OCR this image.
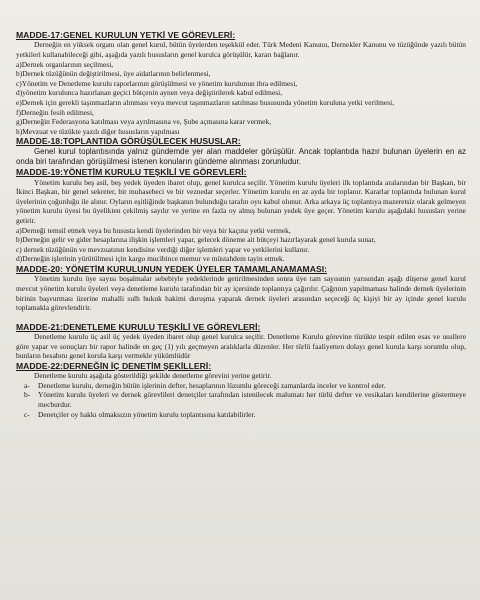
MADDE-17:GENEL KURULUN YETKİ VE GÖREVLERİ:

Derneğin en yüksek organı olan genel kurul, bütün üyelerden teşekkül eder. Türk Medeni Kanunu, Dernekler Kanunu ve tüzüğünde yazılı bütün yetkileri kullanabileceği gibi, aşağıda yazılı hususların genel kurulca görüşülür, kararı bağlanır.

a)Dernek organlarının seçilmesi,

b)Dernek tüzüğünün değiştirilmesi, üye aidatlarının belirlenmesi,

c)Yönetim ve Denetleme kurulu raporlarının görüşülmesi ve yönetim kurulunun ibra edilmesi,

d)yönetim kurulunca hazırlanan geçici bütçenin aynen veya değiştirilerek kabul edilmesi,

e)Dernek için gerekli taşınmazların alınması veya mevcut taşınmazların satılması hususunda yönetim kuruluna yetki verilmesi,

f)Derneğin fesih edilmesi,

g)Derneğin Federasyona katılması veya ayrılmasına ve, Şube açmasına karar vermek,

h)Mevzuat ve tüzükte yazılı diğer hususların yapılması

MADDE-18:TOPLANTIDA GÖRÜŞÜLECEK HUSUSLAR:

Genel kurul toplantısında yalnız gündemde yer alan maddeler görüşülür. Ancak toplantıda hazır bulunan üyelerin en az onda biri tarafından görüşülmesi istenen konuların gündeme alınması zorunludur.

MADDE-19:YÖNETİM KURULU TEŞKİLİ VE GÖREVLERİ:

Yönetim kurulu beş asil, beş yedek üyeden ibaret olup, genel kurulca seçilir. Yönetim kurulu üyeleri ilk toplantıda aralarından bir Başkan, bir İkinci Başkan, bir genel sekreter, bir muhasebeci ve bir veznedar seçerler. Yönetim kurulu en az ayda bir toplanır. Kararlar toplantıda bulunan kurul üyelerinin çoğunluğu ile alınır. Oyların eşitliğinde başkanın bulunduğu tarafın oyu kabul olunur. Arka arkaya üç toplantıya mazeretsiz olarak gelmeyen yönetim kurulu üyesi bu üyelikten çekilmiş sayılır ve yerine en fazla oy almış bulunan yedek üye geçer. Yönetim kurulu aşağıdaki hususları yerine getirir.

a)Derneği temsil etmek veya bu hususta kendi üyelerinden bir veya bir kaçına yetki vermek,

b)Derneğin gelir ve gider hesaplarına ilişkin işlemleri yapar, gelecek döneme ait bütçeyi hazırlayarak genel kurula sunar,

c) dernek tüzüğünün ve mevzuatının kendisine verdiği diğer işlemleri yapar ve yetkilerini kullanır.

d)Derneğin işlerinin yürütülmesi için kargo mucibince memur ve müstahdem tayin etmek.

MADDE-20: YÖNETİM KURULUNUN YEDEK ÜYELER TAMAMLANAMAMASI:

Yönetim kurulu üye sayısı boşalmalar sebebiyle yedeklerinde getirilmesinden sonra üye tam sayısının yarısından aşağı düşerse genel kurul mevcut yönetim kurulu üyeleri veya denetleme kurulu tarafından bir ay içersinde toplantıya çağırılır. Çağrının yapılmaması halinde dernek üyelerinin birinin başvurması üzerine mahalli sulh hukuk hakimi duruşma yaparak dernek üyeleri arasından seçeceği üç kişiyi bir ay içinde genel kurulu toplamakla görevlendirir.

MADDE-21:DENETLEME KURULU TEŞKİLİ VE GÖREVLERİ:

Denetleme kurulu üç asil üç yedek üyeden ibaret olup genel kurulca seçilir. Denetleme Kurulu görevine tüzükte tespit edilen esas ve usullere göre yapar ve sonuçları bir rapor halinde en geç (1) yılı geçmeyen aralıklarla düzenler. Her türlü faaliyetten dolayı genel kurula karşı sorumlu olup, bunların hesabını genel kurula karşı vermekle yükümlüdür

MADDE-22:DERNEĞİN İÇ DENETİM ŞEKİLLERİ:

Denetleme kurulu aşağıda gösterildiği şekilde denetleme görevini yerine getirir.

a-	Denetleme kurulu, derneğin bütün işlerinin defter, hesaplarının lüzumlu göreceği zamanlarda inceler ve kontrol eder.
b-	Yönetim kurulu üyeleri ve dernek görevlileri denetçiler tarafından istenilecek malumatı her türlü defter ve vesikaları kendilerine göstermeye mecburdur.
c-	Denetçiler oy hakkı olmaksızın yönetim kurulu toplantısına katılabilirler.
